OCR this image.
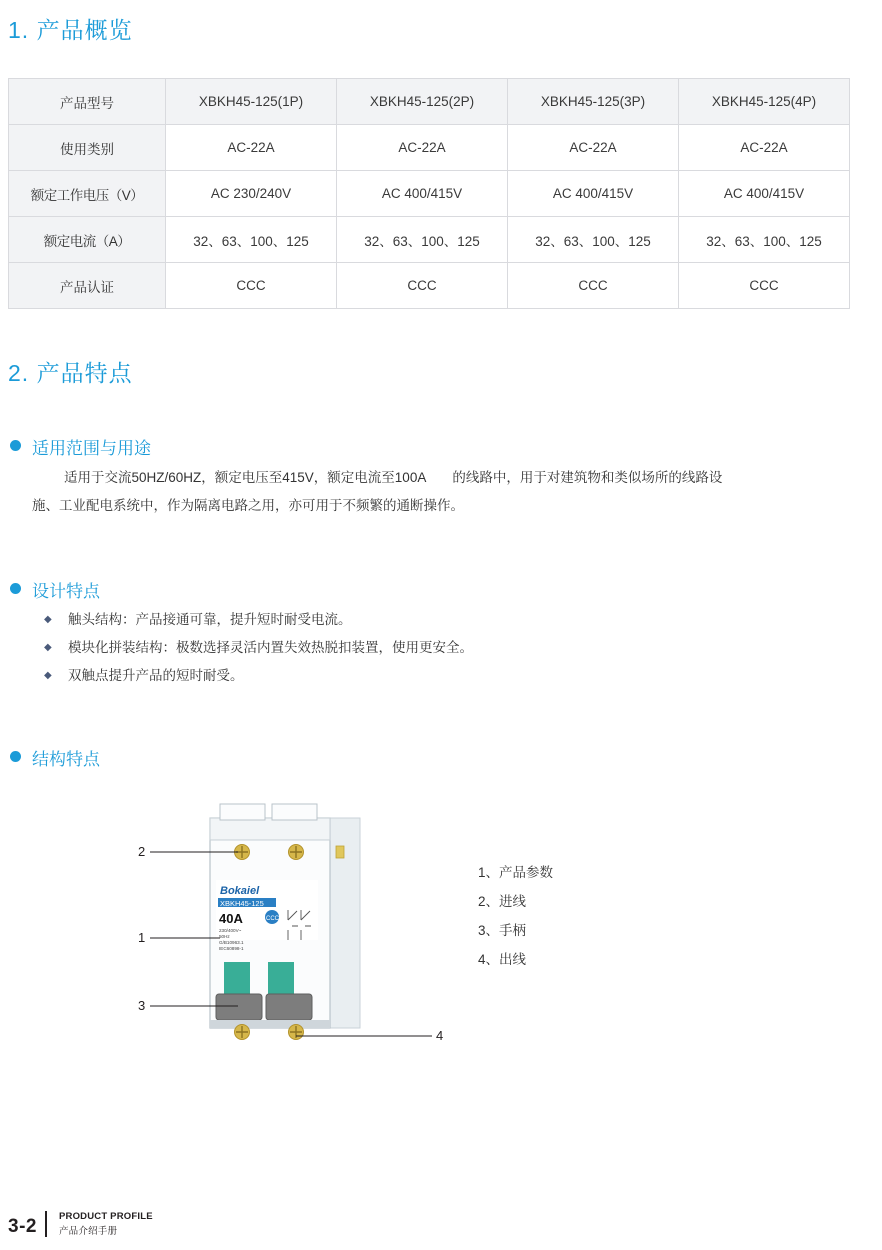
1. 产品概览
产品型号	XBKH45-125(1P)	XBKH45-125(2P)	XBKH45-125(3P)	XBKH45-125(4P)
使用类别	AC-22A	AC-22A	AC-22A	AC-22A
额定工作电压（V）	AC 230/240V	AC 400/415V	AC 400/415V	AC 400/415V
额定电流（A）	32、63、100、125	32、63、100、125	32、63、100、125	32、63、100、125
产品认证	CCC	CCC	CCC	CCC
2. 产品特点
适用范围与用途
适用于交流50HZ/60HZ，额定电压至415V，额定电流至100A 的线路中，用于对建筑物和类似场所的线路设
施、工业配电系统中，作为隔离电路之用，亦可用于不频繁的通断操作。
设计特点
◆ 触头结构：产品接通可靠，提升短时耐受电流。
◆ 模块化拼装结构：极数选择灵活内置失效热脱扣装置，使用更安全。
◆ 双触点提升产品的短时耐受。
结构特点
Bokaiel
XBKH45-125
40A	CCC
230/400V~
50Hz
G/B10963.1
IEC60898-1
2
1
3
4
1、产品参数
2、进线
3、手柄
4、出线
3-2 PRODUCT PROFILE
产品介绍手册
